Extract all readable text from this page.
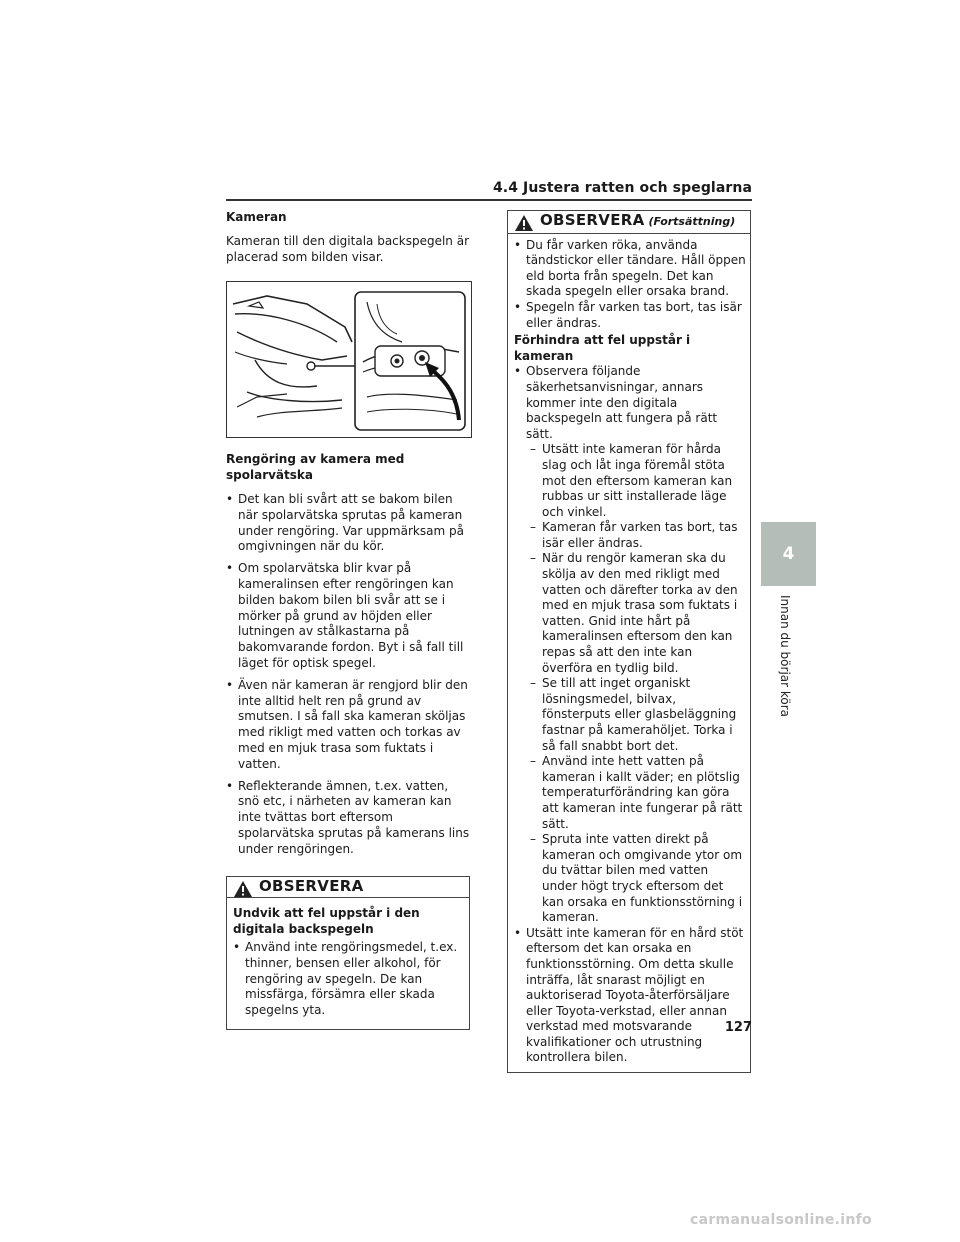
4.4 Justera ratten och speglarna
4
Innan du börjar köra
Kameran

Kameran till den digitala backspegeln är placerad som bilden visar.

Rengöring av kamera med spolarvätska
• Det kan bli svårt att se bakom bilen när spolarvätska sprutas på kameran under rengöring. Var uppmärksam på omgivningen när du kör.
• Om spolarvätska blir kvar på kameralinsen efter rengöringen kan bilden bakom bilen bli svår att se i mörker på grund av höjden eller lutningen av stålkastarna på bakomvarande fordon. Byt i så fall till läget för optisk spegel.
• Även när kameran är rengjord blir den inte alltid helt ren på grund av smutsen. I så fall ska kameran sköljas med rikligt med vatten och torkas av med en mjuk trasa som fuktats i vatten.
• Reflekterande ämnen, t.ex. vatten, snö etc, i närheten av kameran kan inte tvättas bort eftersom spolarvätska sprutas på kamerans lins under rengöringen.
OBSERVERA
Undvik att fel uppstår i den digitala backspegeln
• Använd inte rengöringsmedel, t.ex. thinner, bensen eller alkohol, för rengöring av spegeln. De kan missfärga, försämra eller skada spegelns yta.
OBSERVERA (Fortsättning)
• Du får varken röka, använda tändstickor eller tändare. Håll öppen eld borta från spegeln. Det kan skada spegeln eller orsaka brand.
• Spegeln får varken tas bort, tas isär eller ändras.
Förhindra att fel uppstår i kameran
• Observera följande säkerhetsanvisningar, annars kommer inte den digitala backspegeln att fungera på rätt sätt.
– Utsätt inte kameran för hårda slag och låt inga föremål stöta mot den eftersom kameran kan rubbas ur sitt installerade läge och vinkel.
– Kameran får varken tas bort, tas isär eller ändras.
– När du rengör kameran ska du skölja av den med rikligt med vatten och därefter torka av den med en mjuk trasa som fuktats i vatten. Gnid inte hårt på kameralinsen eftersom den kan repas så att den inte kan överföra en tydlig bild.
– Se till att inget organiskt lösningsmedel, bilvax, fönsterputs eller glasbeläggning fastnar på kamerahöljet. Torka i så fall snabbt bort det.
– Använd inte hett vatten på kameran i kallt väder; en plötslig temperaturförändring kan göra att kameran inte fungerar på rätt sätt.
– Spruta inte vatten direkt på kameran och omgivande ytor om du tvättar bilen med vatten under högt tryck eftersom det kan orsaka en funktionsstörning i kameran.
• Utsätt inte kameran för en hård stöt eftersom det kan orsaka en funktionsstörning. Om detta skulle inträffa, låt snarast möjligt en auktoriserad Toyota-återförsäljare eller Toyota-verkstad, eller annan verkstad med motsvarande kvalifikationer och utrustning kontrollera bilen.
127
carmanualsonline.info
